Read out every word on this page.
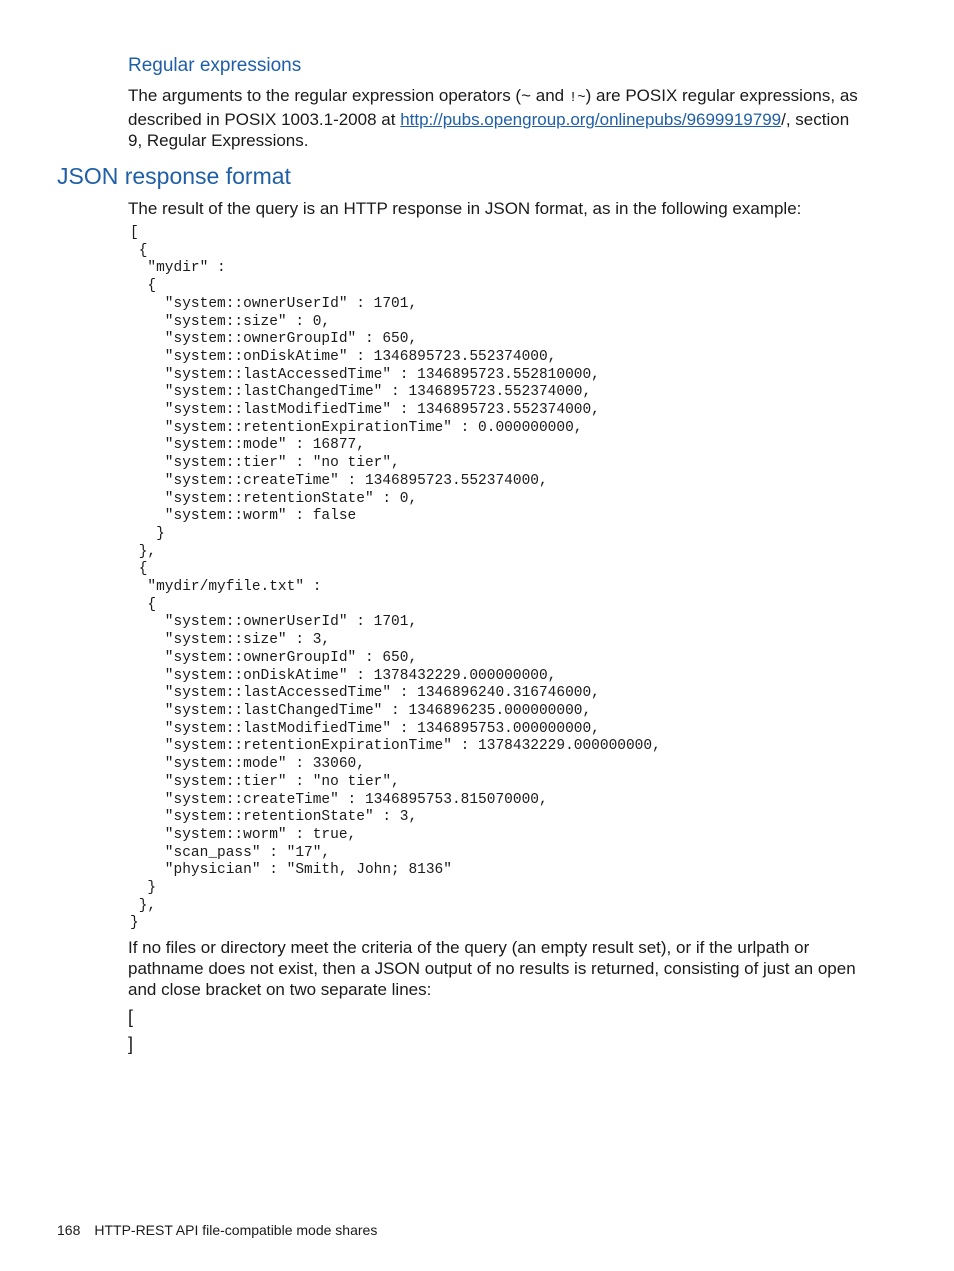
Regular expressions

The arguments to the regular expression operators (~ and !~) are POSIX regular expressions, as described in POSIX 1003.1-2008 at http://pubs.opengroup.org/onlinepubs/9699919799/, section 9, Regular Expressions.

JSON response format

The result of the query is an HTTP response in JSON format, as in the following example:

[
{
"mydir" :
{
"system::ownerUserId" : 1701,
"system::size" : 0,
"system::ownerGroupId" : 650,
"system::onDiskAtime" : 1346895723.552374000,
"system::lastAccessedTime" : 1346895723.552810000,
"system::lastChangedTime" : 1346895723.552374000,
"system::lastModifiedTime" : 1346895723.552374000,
"system::retentionExpirationTime" : 0.000000000,
"system::mode" : 16877,
"system::tier" : "no tier",
"system::createTime" : 1346895723.552374000,
"system::retentionState" : 0,
"system::worm" : false
}
},
{
"mydir/myfile.txt" :
{
"system::ownerUserId" : 1701,
"system::size" : 3,
"system::ownerGroupId" : 650,
"system::onDiskAtime" : 1378432229.000000000,
"system::lastAccessedTime" : 1346896240.316746000,
"system::lastChangedTime" : 1346896235.000000000,
"system::lastModifiedTime" : 1346895753.000000000,
"system::retentionExpirationTime" : 1378432229.000000000,
"system::mode" : 33060,
"system::tier" : "no tier",
"system::createTime" : 1346895753.815070000,
"system::retentionState" : 3,
"system::worm" : true,
"scan_pass" : "17",
"physician" : "Smith, John; 8136"
}
},
}

If no files or directory meet the criteria of the query (an empty result set), or if the urlpath or pathname does not exist, then a JSON output of no results is returned, consisting of just an open and close bracket on two separate lines:

[

]

168 HTTP-REST API file-compatible mode shares
